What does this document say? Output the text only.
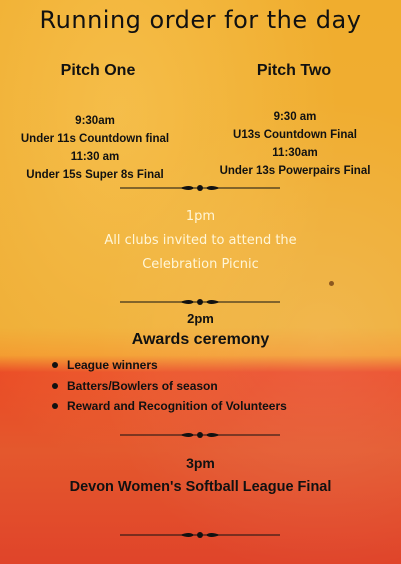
Running order for the day
Pitch One	Pitch Two
9:30am
Under 11s Countdown final
11:30 am
Under 15s Super 8s Final
9:30 am
U13s Countdown Final
11:30am
Under 13s Powerpairs Final
1pm
All clubs invited to attend the
Celebration Picnic
2pm
Awards ceremony
League winners
Batters/Bowlers of season
Reward and Recognition of Volunteers
3pm
Devon Women's Softball League Final
